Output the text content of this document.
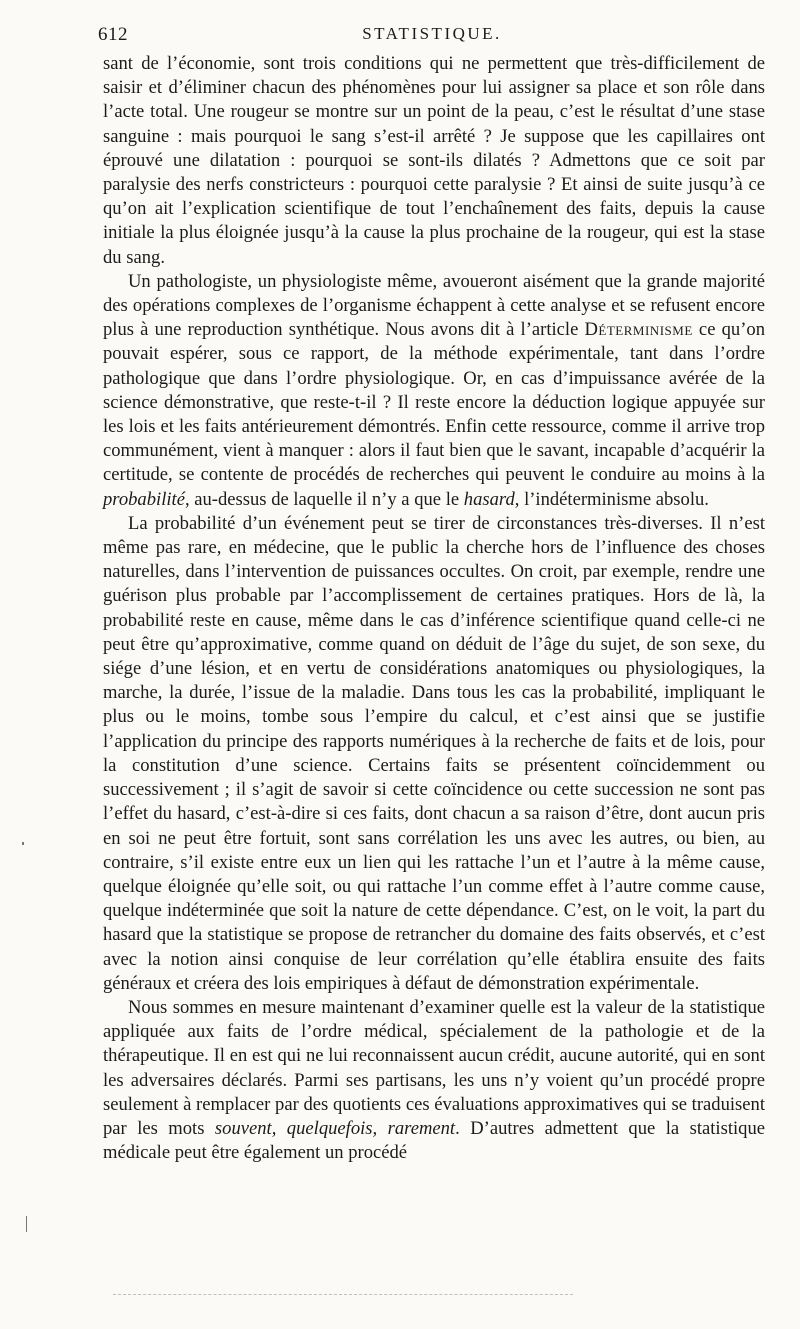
612	STATISTIQUE.

sant de l’économie, sont trois conditions qui ne permettent que très-difficilement de saisir et d’éliminer chacun des phénomènes pour lui assigner sa place et son rôle dans l’acte total. Une rougeur se montre sur un point de la peau, c’est le résultat d’une stase sanguine : mais pourquoi le sang s’est-il arrêté ? Je suppose que les capillaires ont éprouvé une dilatation : pourquoi se sont-ils dilatés ? Admettons que ce soit par paralysie des nerfs constricteurs : pourquoi cette paralysie ? Et ainsi de suite jusqu’à ce qu’on ait l’explication scientifique de tout l’enchaînement des faits, depuis la cause initiale la plus éloignée jusqu’à la cause la plus prochaine de la rougeur, qui est la stase du sang.

Un pathologiste, un physiologiste même, avoueront aisément que la grande majorité des opérations complexes de l’organisme échappent à cette analyse et se refusent encore plus à une reproduction synthétique. Nous avons dit à l’article Déterminisme ce qu’on pouvait espérer, sous ce rapport, de la méthode expérimentale, tant dans l’ordre pathologique que dans l’ordre physiologique. Or, en cas d’impuissance avérée de la science démonstrative, que reste-t-il ? Il reste encore la déduction logique appuyée sur les lois et les faits antérieurement démontrés. Enfin cette ressource, comme il arrive trop communément, vient à manquer : alors il faut bien que le savant, incapable d’acquérir la certitude, se contente de procédés de recherches qui peuvent le conduire au moins à la probabilité, au-dessus de laquelle il n’y a que le hasard, l’indéterminisme absolu.

La probabilité d’un événement peut se tirer de circonstances très-diverses. Il n’est même pas rare, en médecine, que le public la cherche hors de l’influence des choses naturelles, dans l’intervention de puissances occultes. On croit, par exemple, rendre une guérison plus probable par l’accomplissement de certaines pratiques. Hors de là, la probabilité reste en cause, même dans le cas d’inférence scientifique quand celle-ci ne peut être qu’approximative, comme quand on déduit de l’âge du sujet, de son sexe, du siége d’une lésion, et en vertu de considérations anatomiques ou physiologiques, la marche, la durée, l’issue de la maladie. Dans tous les cas la probabilité, impliquant le plus ou le moins, tombe sous l’empire du calcul, et c’est ainsi que se justifie l’application du principe des rapports numériques à la recherche de faits et de lois, pour la constitution d’une science. Certains faits se présentent coïncidemment ou successivement ; il s’agit de savoir si cette coïncidence ou cette succession ne sont pas l’effet du hasard, c’est-à-dire si ces faits, dont chacun a sa raison d’être, dont aucun pris en soi ne peut être fortuit, sont sans corrélation les uns avec les autres, ou bien, au contraire, s’il existe entre eux un lien qui les rattache l’un et l’autre à la même cause, quelque éloignée qu’elle soit, ou qui rattache l’un comme effet à l’autre comme cause, quelque indéterminée que soit la nature de cette dépendance. C’est, on le voit, la part du hasard que la statistique se propose de retrancher du domaine des faits observés, et c’est avec la notion ainsi conquise de leur corrélation qu’elle établira ensuite des faits généraux et créera des lois empiriques à défaut de démonstration expérimentale.

Nous sommes en mesure maintenant d’examiner quelle est la valeur de la statistique appliquée aux faits de l’ordre médical, spécialement de la pathologie et de la thérapeutique. Il en est qui ne lui reconnaissent aucun crédit, aucune autorité, qui en sont les adversaires déclarés. Parmi ses partisans, les uns n’y voient qu’un procédé propre seulement à remplacer par des quotients ces évaluations approximatives qui se traduisent par les mots souvent, quelquefois, rarement. D’autres admettent que la statistique médicale peut être également un procédé
